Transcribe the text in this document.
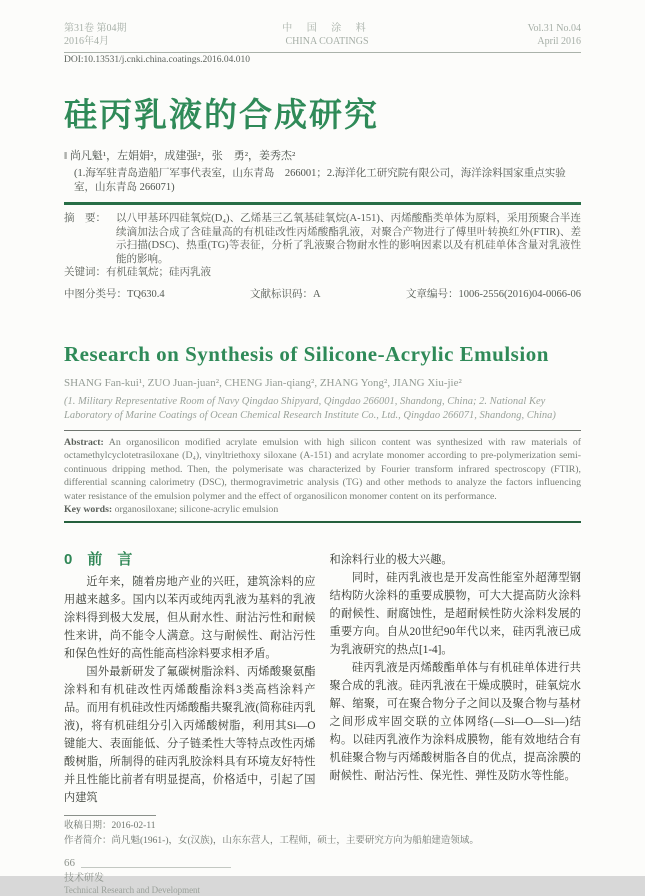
第31卷 第04期
2016年4月
中 国 涂 料
CHINA COATINGS
Vol.31 No.04
April 2016
DOI:10.13531/j.cnki.china.coatings.2016.04.010
硅丙乳液的合成研究
‖ 尚凡魁¹，左娟娟²，成建强²，张　勇²，姜秀杰²
(1.海军驻青岛造船厂军事代表室，山东青岛　266001；2.海洋化工研究院有限公司，海洋涂料国家重点实验室，山东青岛 266071)
摘　要： 以八甲基环四硅氧烷(D₄)、乙烯基三乙氧基硅氧烷(A-151)、丙烯酸酯类单体为原料，采用预聚合半连续滴加法合成了含硅量高的有机硅改性丙烯酸酯乳液，对聚合产物进行了傅里叶转换红外(FTIR)、差示扫描(DSC)、热重(TG)等表征，分析了乳液聚合物耐水性的影响因素以及有机硅单体含量对乳液性能的影响。
关键词：有机硅氧烷；硅丙乳液
中图分类号：TQ630.4	文献标识码：A	文章编号：1006-2556(2016)04-0066-06
Research on Synthesis of Silicone-Acrylic Emulsion
SHANG Fan-kui¹, ZUO Juan-juan², CHENG Jian-qiang², ZHANG Yong², JIANG Xiu-jie²
(1. Military Representative Room of Navy Qingdao Shipyard, Qingdao 266001, Shandong, China; 2. National Key Laboratory of Marine Coatings of Ocean Chemical Research Institute Co., Ltd., Qingdao 266071, Shandong, China)
Abstract: An organosilicon modified acrylate emulsion with high silicon content was synthesized with raw materials of octamethylcyclotetrasiloxane (D₄), vinyltriethoxy siloxane (A-151) and acrylate monomer according to pre-polymerization semi-continuous dripping method. Then, the polymerisate was characterized by Fourier transform infrared spectroscopy (FTIR), differential scanning calorimetry (DSC), thermogravimetric analysis (TG) and other methods to analyze the factors influencing water resistance of the emulsion polymer and the effect of organosilicon monomer content on its performance.
Key words: organosiloxane; silicone-acrylic emulsion
0　前　言

近年来，随着房地产业的兴旺，建筑涂料的应用越来越多。国内以苯丙或纯丙乳液为基料的乳液涂料得到极大发展，但从耐水性、耐沾污性和耐候性来讲，尚不能令人满意。这与耐候性、耐沾污性和保色性好的高性能高档涂料要求相矛盾。

国外最新研发了氟碳树脂涂料、丙烯酸聚氨酯涂料和有机硅改性丙烯酸酯涂料3类高档涂料产品。而用有机硅改性丙烯酸酯共聚乳液(简称硅丙乳液)，将有机硅组分引入丙烯酸树脂，利用其Si—O键能大、表面能低、分子链柔性大等特点改性丙烯酸树脂，所制得的硅丙乳胶涂料具有环境友好特性并且性能比前者有明显提高，价格适中，引起了国内建筑

和涂料行业的极大兴趣。

同时，硅丙乳液也是开发高性能室外超薄型钢结构防火涂料的重要成膜物，可大大提高防火涂料的耐候性、耐腐蚀性，是超耐候性防火涂料发展的重要方向。自从20世纪90年代以来，硅丙乳液已成为乳液研究的热点[1-4]。

硅丙乳液是丙烯酸酯单体与有机硅单体进行共聚合成的乳液。硅丙乳液在干燥成膜时，硅氧烷水解、缩聚，可在聚合物分子之间以及聚合物与基材之间形成牢固交联的立体网络(—Si—O—Si—)结构。以硅丙乳液作为涂料成膜物，能有效地结合有机硅聚合物与丙烯酸树脂各自的优点，提高涂膜的耐候性、耐沾污性、保光性、弹性及防水等性能。

收稿日期：2016-02-11
作者简介：尚凡魁(1961-)，女(汉族)，山东东营人，工程师，硕士，主要研究方向为船舶建造领域。
66
技术研发
Technical Research and Development
